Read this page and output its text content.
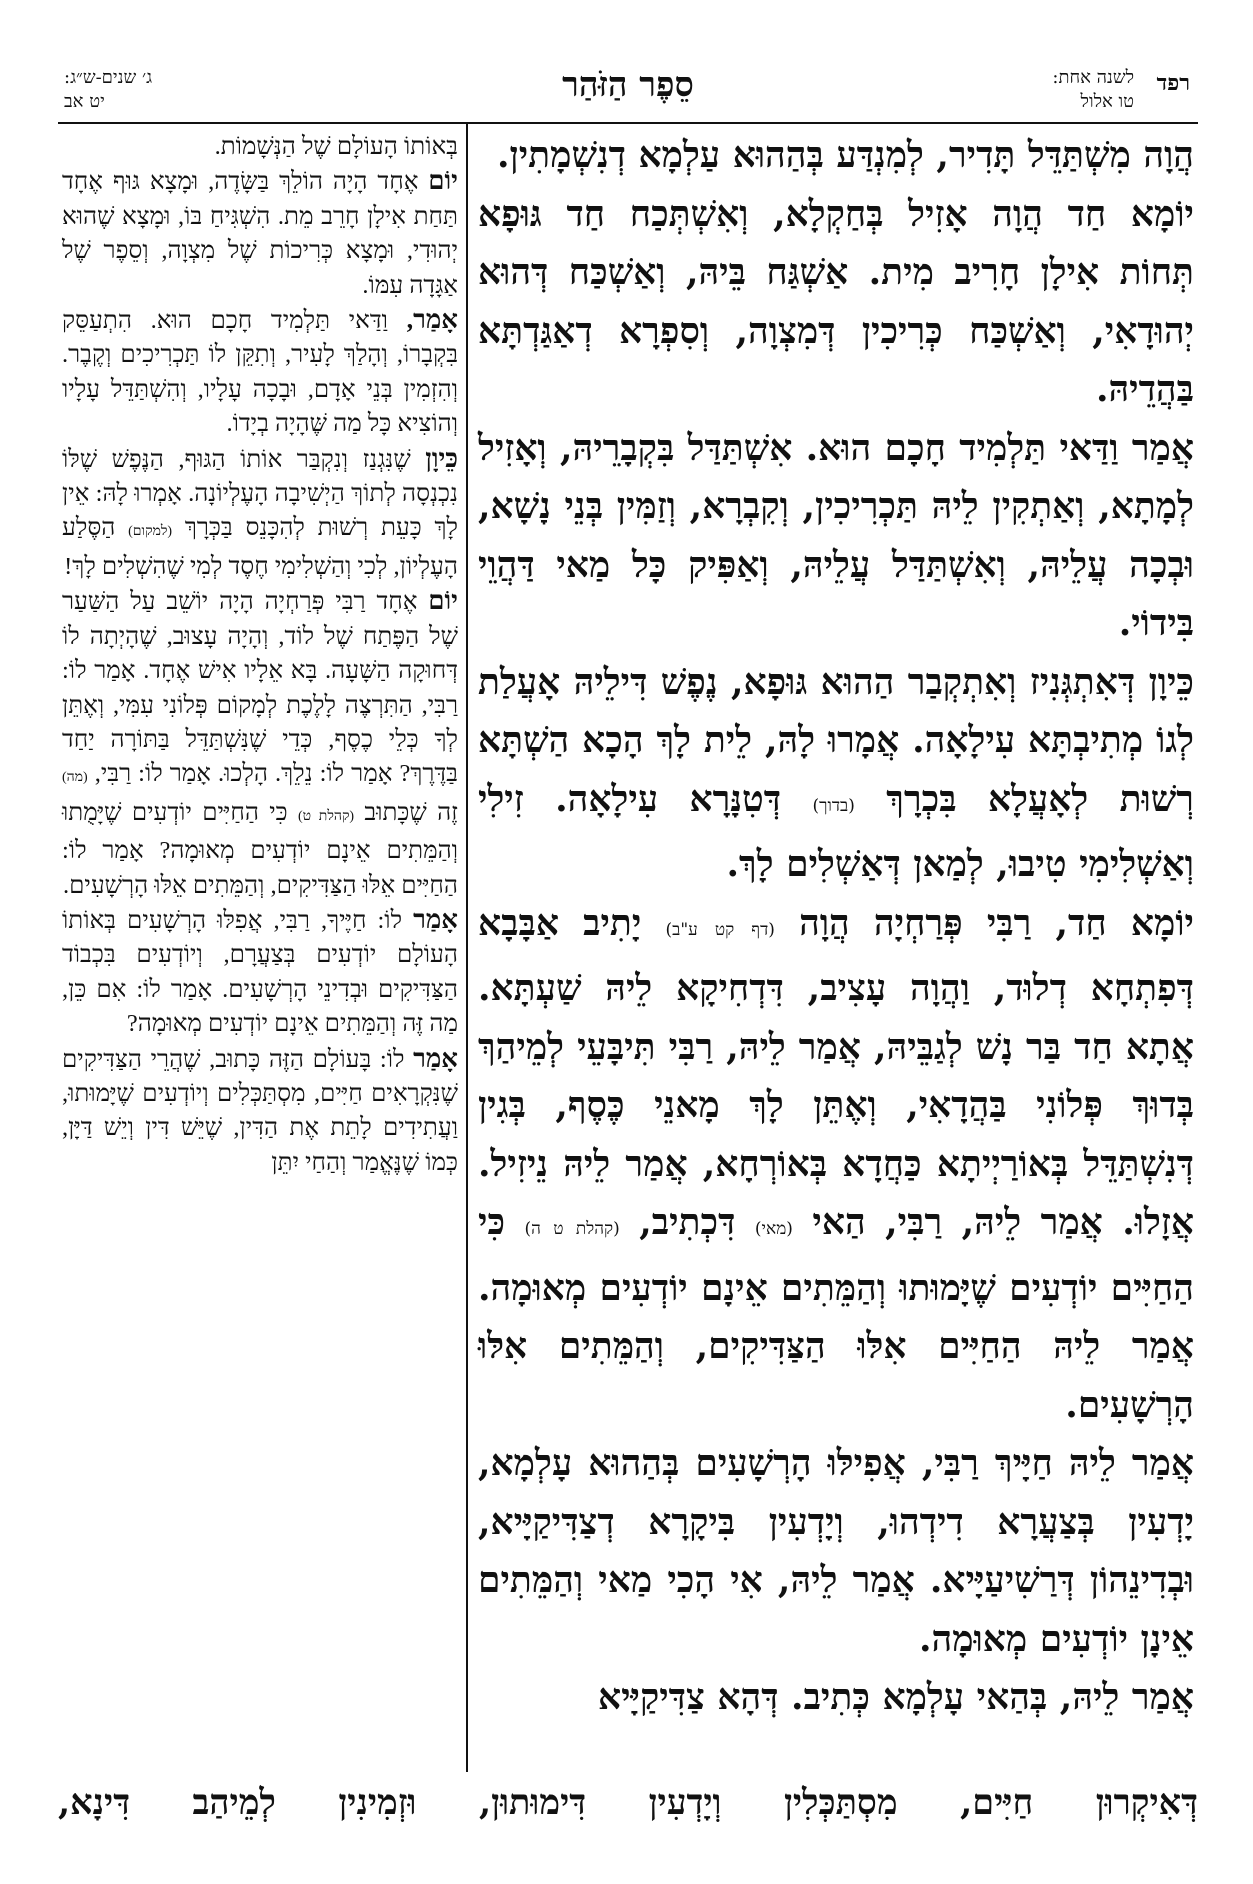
רפד
לשנה אחת:
טו אלול
סֵפֶר הַזֹּהַר
ג׳ שנים-ש״ג:
יט אב

הֲוָה מִשְׁתַּדֵּל תָּדִיר, לְמִנְדַּע בְּהַהוּא עַלְמָא דְנִשְׁמָתִין.

יוֹמָא חַד הֲוָה אָזִיל בְּחַקְלָא, וְאִשְׁתְּכַח חַד גּוּפָא תְּחוֹת אִילָן חָרִיב מִית. אַשְׁגַּח בֵּיהּ, וְאַשְׁכַּח דְּהוּא יְהוּדָאִי, וְאַשְׁכַּח כְּרִיכִין דְּמִצְוָה, וְסִפְרָא דְאַגַּדְתָּא בַּהֲדֵיהּ.

אֲמַר וַדַּאי תַּלְמִיד חָכָם הוּא. אִשְׁתַּדַּל בִּקְבָרֵיהּ, וְאָזִיל לְמָתָא, וְאַתְקִין לֵיהּ תַּכְרִיכִין, וְקִבְרָא, וְזַמִּין בְּנֵי נָשָׁא, וּבְכָה עֲלֵיהּ, וְאִשְׁתַּדַּל עֲלֵיהּ, וְאַפִּיק כָּל מַאי דַּהֲוֵי בִּידוֹי.

כֵּיוָן דְּאִתְגְּנִיז וְאִתְקְבַר הַהוּא גּוּפָא, נֶפֶשׁ דִּילֵיהּ אָעֲלַת לְגוֹ מְתִיבְתָּא עִילָאָה. אֲמָרוּ לָהּ, לֵית לָךְ הָכָא הַשְׁתָּא רְשׁוּת לְאָעֲלָא בִּכְרָךְ (בדוך) דְּטִנָּרָא עִילָאָה. זִילִי וְאַשְׁלִימִי טִיבוּ, לְמַאן דְּאַשְׁלִים לָךְ.

יוֹמָא חַד, רַבִּי פְּרַחְיָה הֲוָה (דף קט ע"ב) יָתִיב אַבָּבָא דְּפִתְחָא דְלוּד, וַהֲוָה עָצִיב, דִּדְחִיקָא לֵיהּ שַׁעְתָּא. אֲתָא חַד בַּר נָשׁ לְגַבֵּיהּ, אֲמַר לֵיהּ, רַבִּי תִּיבָּעֵי לְמֵיהַךְ בְּדוּךְ פְּלוֹנִי בַּהֲדָאִי, וְאֶתֵּן לָךְ מָאנֵי כֶּסֶף, בְּגִין דְּנִשְׁתַּדֵּל בְּאוֹרַיְיתָא כַּחֲדָא בְּאוֹרְחָא, אֲמַר לֵיהּ נֵיזִיל. אֲזָלוּ. אֲמַר לֵיהּ, רַבִּי, הַאי (מאי) דִּכְתִיב, (קהלת ט ה) כִּי הַחַיִּים יוֹדְעִים שֶׁיָּמוּתוּ וְהַמֵּתִים אֵינָם יוֹדְעִים מְאוּמָה. אֲמַר לֵיהּ הַחַיִּים אִלּוּ הַצַּדִּיקִים, וְהַמֵּתִים אִלּוּ הָרְשָׁעִים.

אֲמַר לֵיהּ חַיָּיךְ רַבִּי, אֲפִילּוּ הָרְשָׁעִים בְּהַהוּא עָלְמָא, יָדְעִין בְּצַעֲרָא דִידְהוּ, וְיָדְעִין בִּיקָרָא דְצַדִּיקַיָּיא, וּבְדִינֵהוֹן דְּרַשִׁיעַיָּיא. אֲמַר לֵיהּ, אִי הָכִי מַאי וְהַמֵּתִים אֵינָן יוֹדְעִים מְאוּמָה.

אֲמַר לֵיהּ, בְּהַאי עָלְמָא כְּתִיב. דְּהָא צַדִּיקַיָּיא

בְּאוֹתוֹ הָעוֹלָם שֶׁל הַנְּשָׁמוֹת.

יוֹם אֶחָד הָיָה הוֹלֵךְ בַּשָּׂדֶה, וּמָצָא גּוּף אֶחָד תַּחַת אִילָן חָרֵב מֵת. הִשְׁגִּיחַ בּוֹ, וּמָצָא שֶׁהוּא יְהוּדִי, וּמָצָא כְּרִיכוֹת שֶׁל מִצְוָה, וְסֵפֶר שֶׁל אַגָּדָה עִמּוֹ.

אָמַר, וַדַּאי תַּלְמִיד חָכָם הוּא. הִתְעַסֵּק בִּקְבָרוֹ, וְהָלַךְ לָעִיר, וְתִקֵּן לוֹ תַּכְרִיכִים וְקֶבֶר. וְהִזְמִין בְּנֵי אָדָם, וּבָכָה עָלָיו, וְהִשְׁתַּדֵּל עָלָיו וְהוֹצִיא כָּל מַה שֶּׁהָיָה בְיָדוֹ.

כֵּיוָן שֶׁנִּגְנַז וְנִקְבַּר אוֹתוֹ הַגּוּף, הַנֶּפֶשׁ שֶׁלּוֹ נִכְנְסָה לְתוֹךְ הַיְשִׁיבָה הָעֶלְיוֹנָה. אָמְרוּ לָהּ: אֵין לָךְ כָּעֵת רְשׁוּת לְהִכָּנֵס בַּכְּרָךְ (למקום) הַסֶּלַע הָעֶלְיוֹן, לְכִי וְהַשְׁלִימִי חֶסֶד לְמִי שֶׁהִשְׁלִים לָךְ!

יוֹם אֶחָד רַבִּי פְּרַחְיָה הָיָה יוֹשֵׁב עַל הַשַּׁעַר שֶׁל הַפֶּתַח שֶׁל לוֹד, וְהָיָה עָצוּב, שֶׁהָיְתָה לוֹ דְּחוּקָה הַשָּׁעָה. בָּא אֵלָיו אִישׁ אֶחָד. אָמַר לוֹ: רַבִּי, הַתִּרְצֶה לָלֶכֶת לְמָקוֹם פְּלוֹנִי עִמִּי, וְאֶתֵּן לְךָ כְּלֵי כֶסֶף, כְּדֵי שֶׁנִּשְׁתַּדֵּל בַּתּוֹרָה יַחַד בַּדֶּרֶךְ? אָמַר לוֹ: נֵלֵךְ. הָלְכוּ. אָמַר לוֹ: רַבִּי, (מה) זֶה שֶׁכָּתוּב (קהלת ט) כִּי הַחַיִּים יוֹדְעִים שֶׁיָּמֻתוּ וְהַמֵּתִים אֵינָם יוֹדְעִים מְאוּמָה? אָמַר לוֹ: הַחַיִּים אֵלּוּ הַצַּדִּיקִים, וְהַמֵּתִים אֵלּוּ הָרְשָׁעִים.

אָמַר לוֹ: חַיֶּיךָ, רַבִּי, אֲפִלּוּ הָרְשָׁעִים בְּאוֹתוֹ הָעוֹלָם יוֹדְעִים בְּצַעֲרָם, וְיוֹדְעִים בִּכְבוֹד הַצַּדִּיקִים וּבְדִינֵי הָרְשָׁעִים. אָמַר לוֹ: אִם כֵּן, מַה זֶּה וְהַמֵּתִים אֵינָם יוֹדְעִים מְאוּמָה?

אָמַר לוֹ: בָּעוֹלָם הַזֶּה כָּתוּב, שֶׁהֲרֵי הַצַּדִּיקִים שֶׁנִּקְרָאִים חַיִּים, מִסְתַּכְּלִים וְיוֹדְעִים שֶׁיָּמוּתוּ, וַעֲתִידִים לָתֵת אֶת הַדִּין, שֶׁיֵּשׁ דִּין וְיֵשׁ דַּיָּן, כְּמוֹ שֶׁנֶּאֱמַר וְהַחַי יִתֵּן

דְּאִיקְרוּן חַיִּים, מִסְתַּכְּלִין וְיָדְעִין דִּימוּתוּן, וּזְמִינִין לְמֵיהַב דִּינָא,
